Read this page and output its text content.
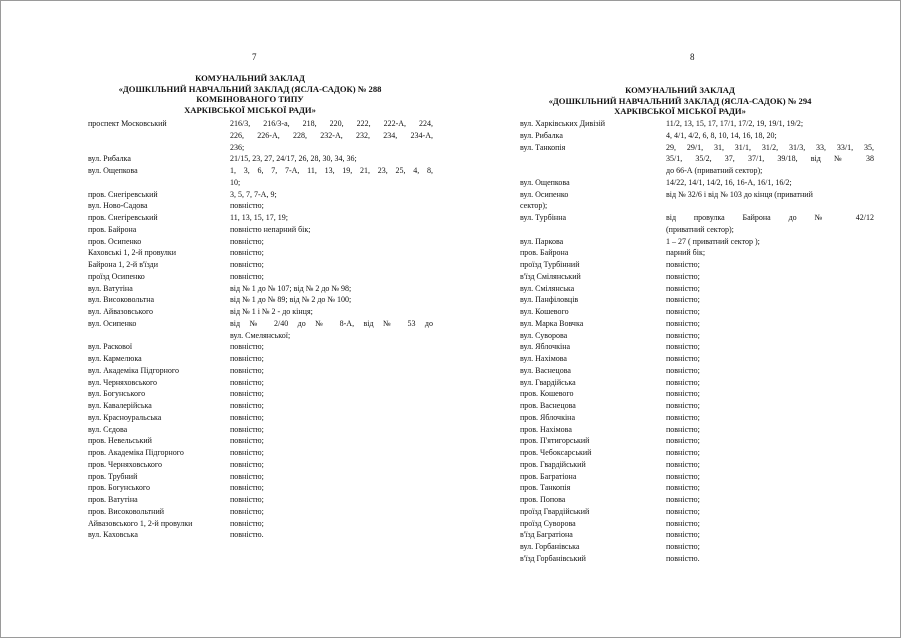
7
КОМУНАЛЬНИЙ ЗАКЛАД
«ДОШКІЛЬНИЙ НАВЧАЛЬНИЙ ЗАКЛАД (ЯСЛА-САДОК) № 288
КОМБІНОВАНОГО ТИПУ
ХАРКІВСЬКОЇ МІСЬКОЇ РАДИ»
проспект Московський	216/3, 216/3-а, 218, 220, 222, 222-А, 224,
226, 226-А, 228, 232-А, 232, 234, 234-А,
236;
вул. Рибалка	21/15, 23, 27, 24/17, 26, 28, 30, 34, 36;
вул. Ощепкова	1, 3, 6, 7, 7-А, 11, 13, 19, 21, 23, 25, 4, 8,
10;
пров. Снегіревський	3, 5, 7, 7-А, 9;
вул. Ново-Садова	повністю;
пров. Снегіревський	11, 13, 15, 17, 19;
пров. Байрона	повністю непарний бік;
пров. Осипенко	повністю;
Каховські 1, 2-й провулки	повністю;
Байрона 1, 2-й в'їзди	повністю;
проїзд Осипенко	повністю;
вул. Ватутіна	від № 1 до № 107; від № 2 до № 98;
вул. Високовольтна	від № 1 до № 89; від № 2 до № 100;
вул. Айвазовського	від № 1 і № 2 - до кінця;
вул. Осипенко	від № 2/40 до № 8-А, від № 53 до
вул. Смелянської;
вул. Раскової	повністю;
вул. Кармелюка	повністю;
вул. Академіка Підгорного	повністю;
вул. Черняховського	повністю;
вул. Богунського	повністю;
вул. Кавалерійська	повністю;
вул. Красноуральська	повністю;
вул. Сєдова	повністю;
пров. Невельський	повністю;
пров. Академіка Підгорного	повністю;
пров. Черняховського	повністю;
пров. Трубний	повністю;
пров. Богунського	повністю;
пров. Ватутіна	повністю;
пров. Високовольтний	повністю;
Айвазовського 1, 2-й провулки	повністю;
вул. Каховська	повністю.
8
КОМУНАЛЬНИЙ ЗАКЛАД
«ДОШКІЛЬНИЙ НАВЧАЛЬНИЙ ЗАКЛАД (ЯСЛА-САДОК) № 294
ХАРКІВСЬКОЇ МІСЬКОЇ РАДИ»
вул. Харківських Дивізій	11/2, 13, 15, 17, 17/1, 17/2, 19, 19/1, 19/2;
вул. Рибалка	4, 4/1, 4/2, 6, 8, 10, 14, 16, 18, 20;
вул. Танкопія	29, 29/1, 31, 31/1, 31/2, 31/3, 33, 33/1, 35,
35/1, 35/2, 37, 37/1, 39/18, від № 38
до 66-А (приватний сектор);
вул. Ощепкова	14/22, 14/1, 14/2, 16, 16-А, 16/1, 16/2;
вул. Осипенко	від № 32/6 і від № 103 до кінця (приватний
сектор);
вул. Турбінна	від провулка Байрона до № 42/12
(приватний сектор);
вул. Паркова	1 – 27 ( приватний сектор );
пров. Байрона	парний бік;
проїзд Турбінний	повністю;
в'їзд Смілянський	повністю;
вул. Смілянська	повністю;
вул. Панфіловців	повністю;
вул. Кошевого	повністю;
вул. Марка Вовчка	повністю;
вул. Суворова	повністю;
вул. Яблочкіна	повністю;
вул. Нахімова	повністю;
вул. Васнецова	повністю;
вул. Гвардійська	повністю;
пров. Кошевого	повністю;
пров. Васнецова	повністю;
пров. Яблочкіна	повністю;
пров. Нахімова	повністю;
пров. П'ятигорський	повністю;
пров. Чебоксарський	повністю;
пров. Гвардійський	повністю;
пров. Багратіона	повністю;
пров. Танкопія	повністю;
пров. Попова	повністю;
проїзд Гвардійський	повністю;
проїзд Суворова	повністю;
в'їзд Багратіона	повністю;
вул. Горбанівська	повністю;
в'їзд Горбанівський	повністю.
